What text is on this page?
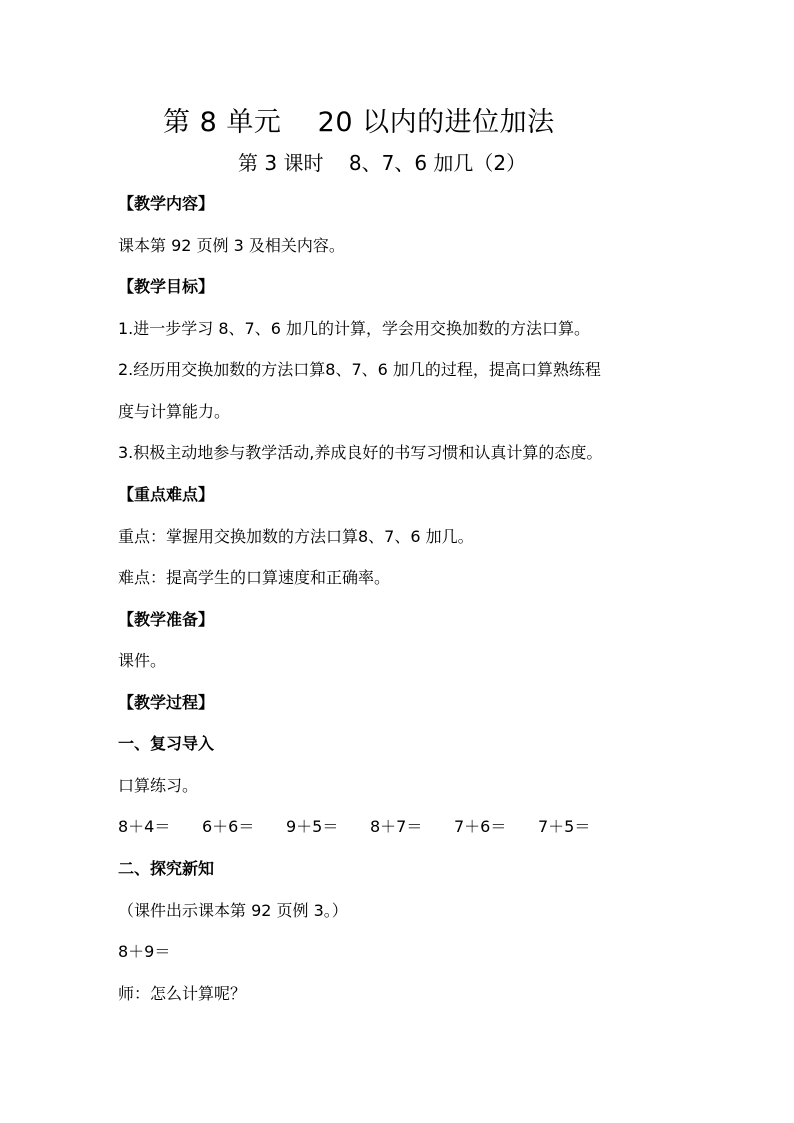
第 8 单元    20 以内的进位加法
第 3 课时    8、7、6 加几（2）
【教学内容】
课本第 92 页例 3 及相关内容。
【教学目标】
1.进一步学习 8、7、6 加几的计算，学会用交换加数的方法口算。
2.经历用交换加数的方法口算8、7、6 加几的过程，提高口算熟练程
度与计算能力。
3.积极主动地参与教学活动,养成良好的书写习惯和认真计算的态度。
【重点难点】
重点：掌握用交换加数的方法口算8、7、6 加几。
难点：提高学生的口算速度和正确率。
【教学准备】
课件。
【教学过程】
一、复习导入
口算练习。
8＋4＝ 6＋6＝ 9＋5＝ 8＋7＝ 7＋6＝ 7＋5＝
二、探究新知
（课件出示课本第 92 页例 3。）
8＋9＝
师：怎么计算呢？
